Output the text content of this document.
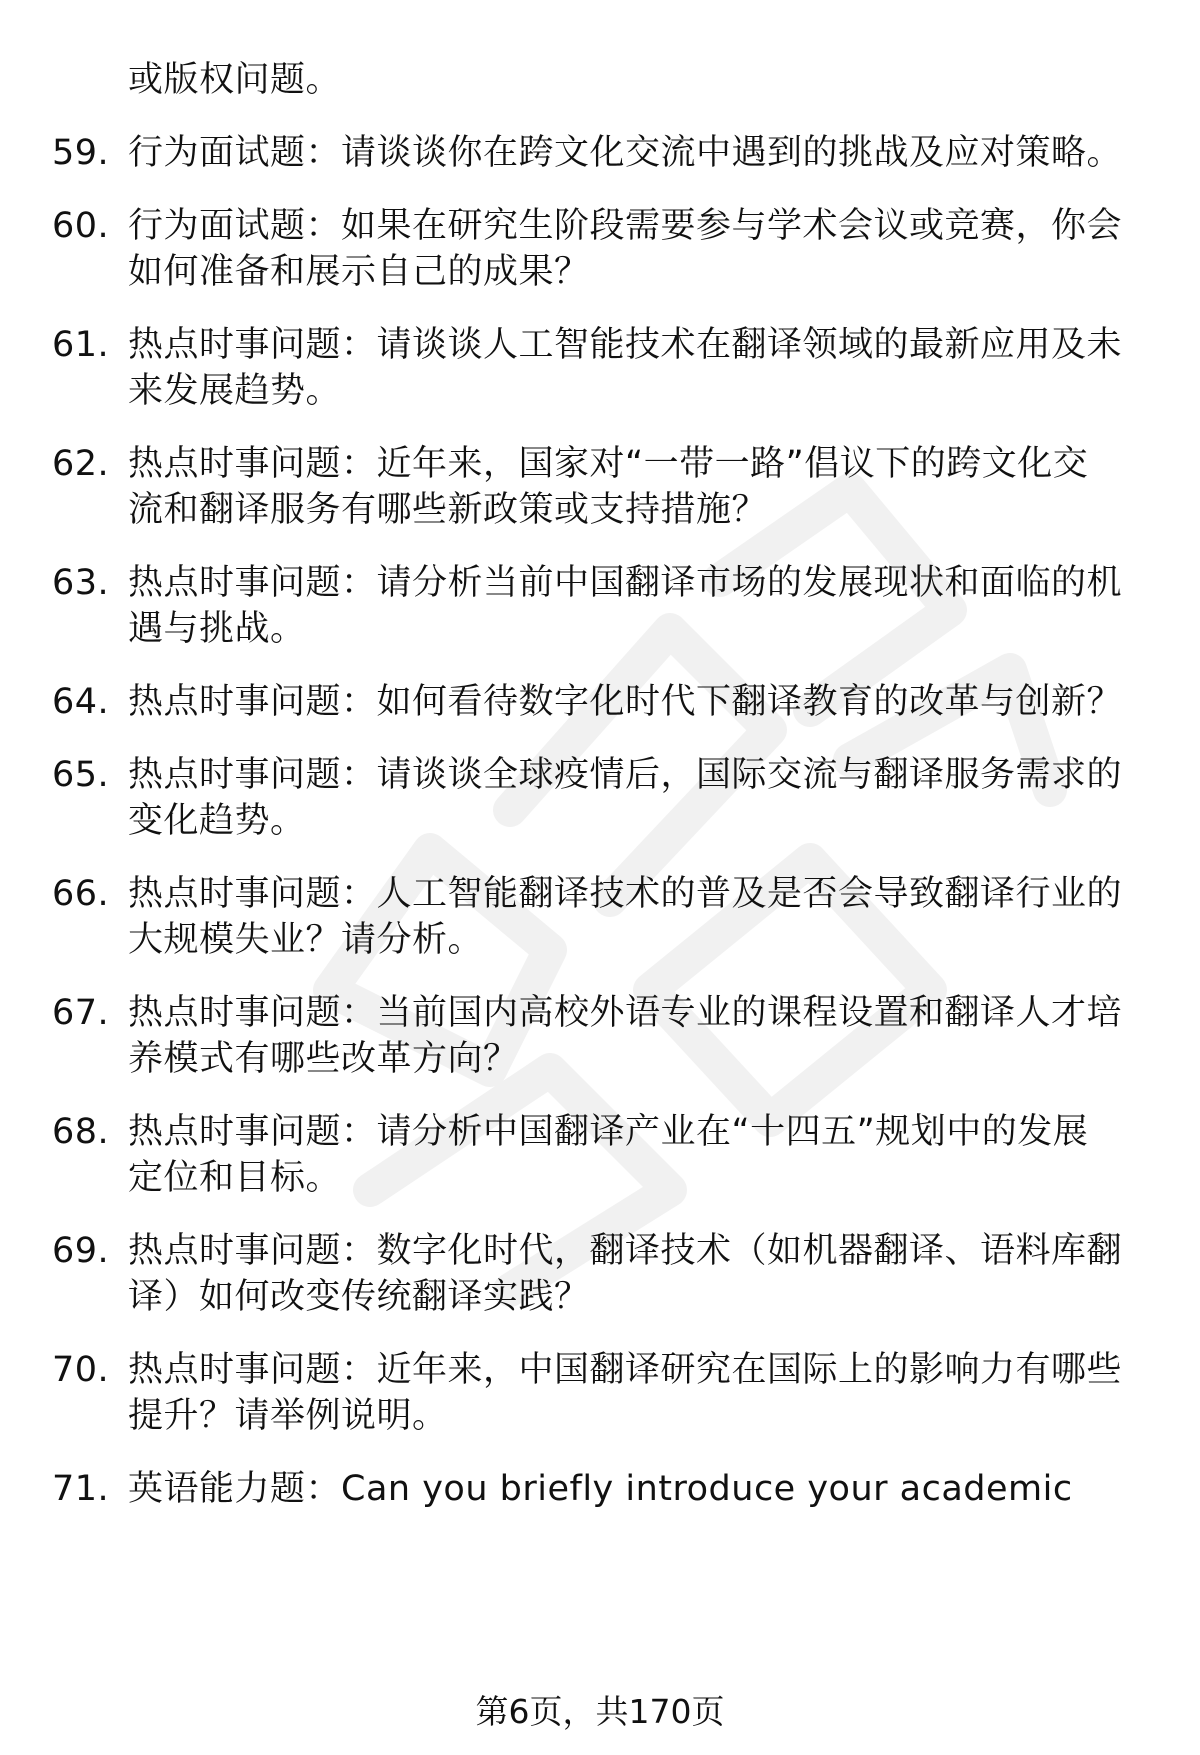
或版权问题。
59. 行为面试题：请谈谈你在跨文化交流中遇到的挑战及应对策略。
60. 行为面试题：如果在研究生阶段需要参与学术会议或竞赛，你会
如何准备和展示自己的成果？
61. 热点时事问题：请谈谈人工智能技术在翻译领域的最新应用及未
来发展趋势。
62. 热点时事问题：近年来，国家对“一带一路”倡议下的跨文化交
流和翻译服务有哪些新政策或支持措施？
63. 热点时事问题：请分析当前中国翻译市场的发展现状和面临的机
遇与挑战。
64. 热点时事问题：如何看待数字化时代下翻译教育的改革与创新？
65. 热点时事问题：请谈谈全球疫情后，国际交流与翻译服务需求的
变化趋势。
66. 热点时事问题：人工智能翻译技术的普及是否会导致翻译行业的
大规模失业？请分析。
67. 热点时事问题：当前国内高校外语专业的课程设置和翻译人才培
养模式有哪些改革方向？
68. 热点时事问题：请分析中国翻译产业在“十四五”规划中的发展
定位和目标。
69. 热点时事问题：数字化时代，翻译技术（如机器翻译、语料库翻
译）如何改变传统翻译实践？
70. 热点时事问题：近年来，中国翻译研究在国际上的影响力有哪些
提升？请举例说明。
71. 英语能力题：Can you briefly introduce your academic
第6页，共170页
